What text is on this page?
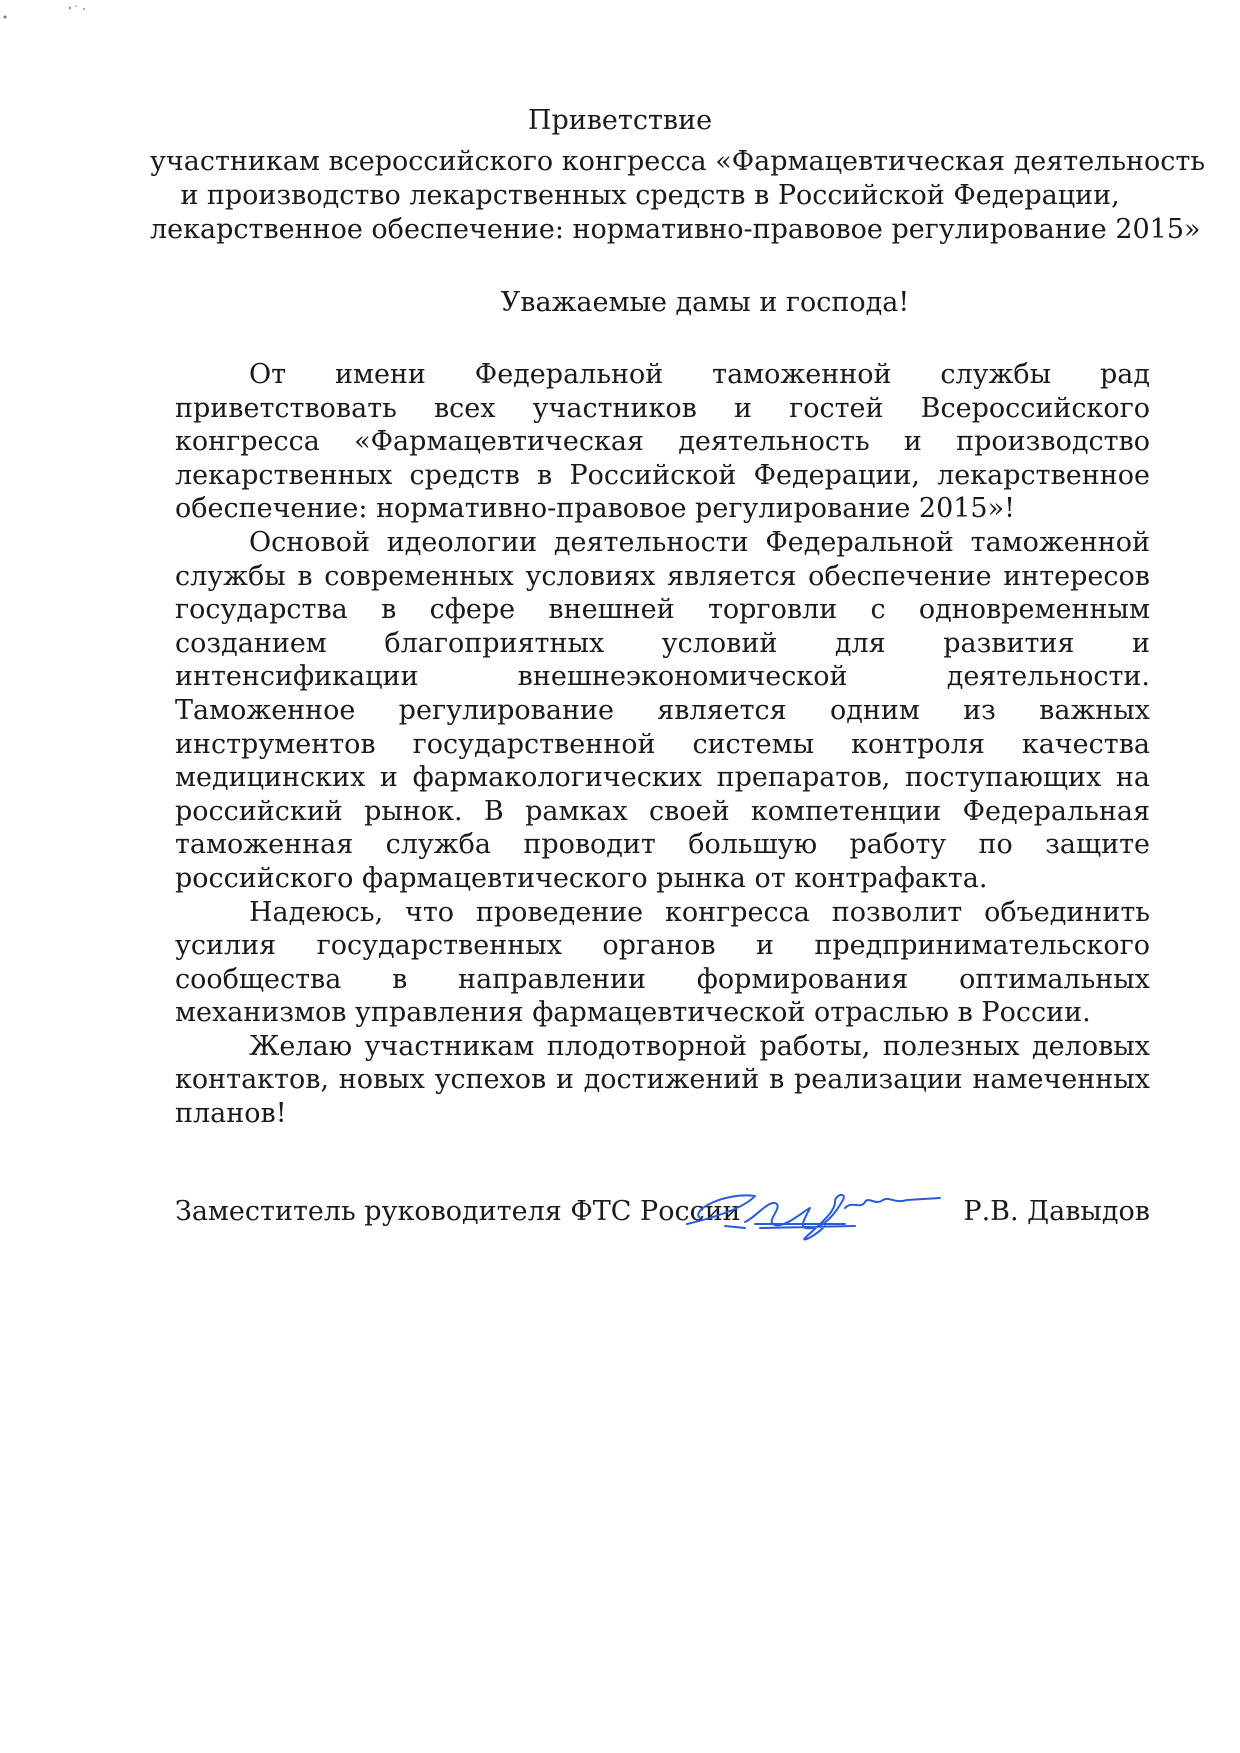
Приветствие
участникам всероссийского конгресса «Фармацевтическая деятельность
и производство лекарственных средств в Российской Федерации,
лекарственное обеспечение: нормативно-правовое регулирование 2015»
Уважаемые дамы и господа!

От имени Федеральной таможенной службы рад приветствовать всех участников и гостей Всероссийского конгресса «Фармацевтическая деятельность и производство лекарственных средств в Российской Федерации, лекарственное обеспечение: нормативно-правовое регулирование 2015»!

Основой идеологии деятельности Федеральной таможенной службы в современных условиях является обеспечение интересов государства в сфере внешней торговли с одновременным созданием благоприятных условий для развития и интенсификации внешнеэкономической деятельности. Таможенное регулирование является одним из важных инструментов государственной системы контроля качества медицинских и фармакологических препаратов, поступающих на российский рынок. В рамках своей компетенции Федеральная таможенная служба проводит большую работу по защите российского фармацевтического рынка от контрафакта.

Надеюсь, что проведение конгресса позволит объединить усилия государственных органов и предпринимательского сообщества в направлении формирования оптимальных механизмов управления фармацевтической отраслью в России.

Желаю участникам плодотворной работы, полезных деловых контактов, новых успехов и достижений в реализации намеченных планов!

Заместитель руководителя ФТС России	Р.В. Давыдов
